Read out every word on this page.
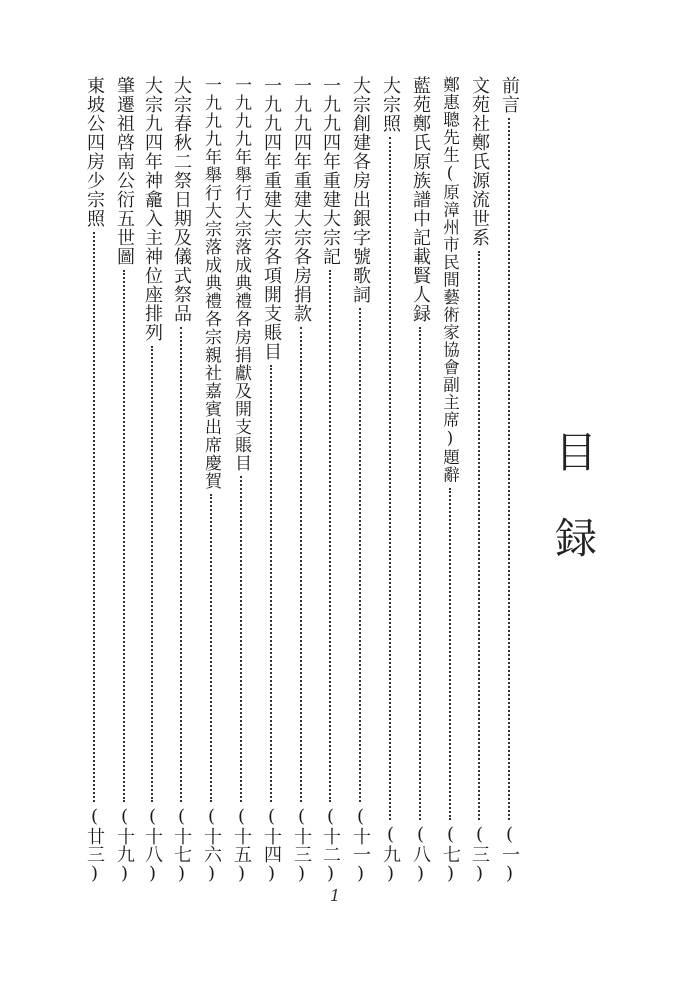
目録
前言
(一)
文苑社鄭氏源流世系
(三)
鄭惠聰先生(原漳州市民間藝術家協會副主席)題辭
(七)
藍苑鄭氏原族譜中記載賢人録
(八)
大宗照
(九)
大宗創建各房出銀字號歌詞
(十一)
一九九四年重建大宗記
(十二)
一九九四年重建大宗各房捐款
(十三)
一九九四年重建大宗各項開支賬目
(十四)
一九九九年舉行大宗落成典禮各房捐獻及開支賬目
(十五)
一九九九年舉行大宗落成典禮各宗親社嘉賓出席慶賀
(十六)
大宗春秋二祭日期及儀式祭品
(十七)
大宗九四年神龕入主神位座排列
(十八)
肇遷祖啓南公衍五世圖
(十九)
東坡公四房少宗照
(廿三)
1
